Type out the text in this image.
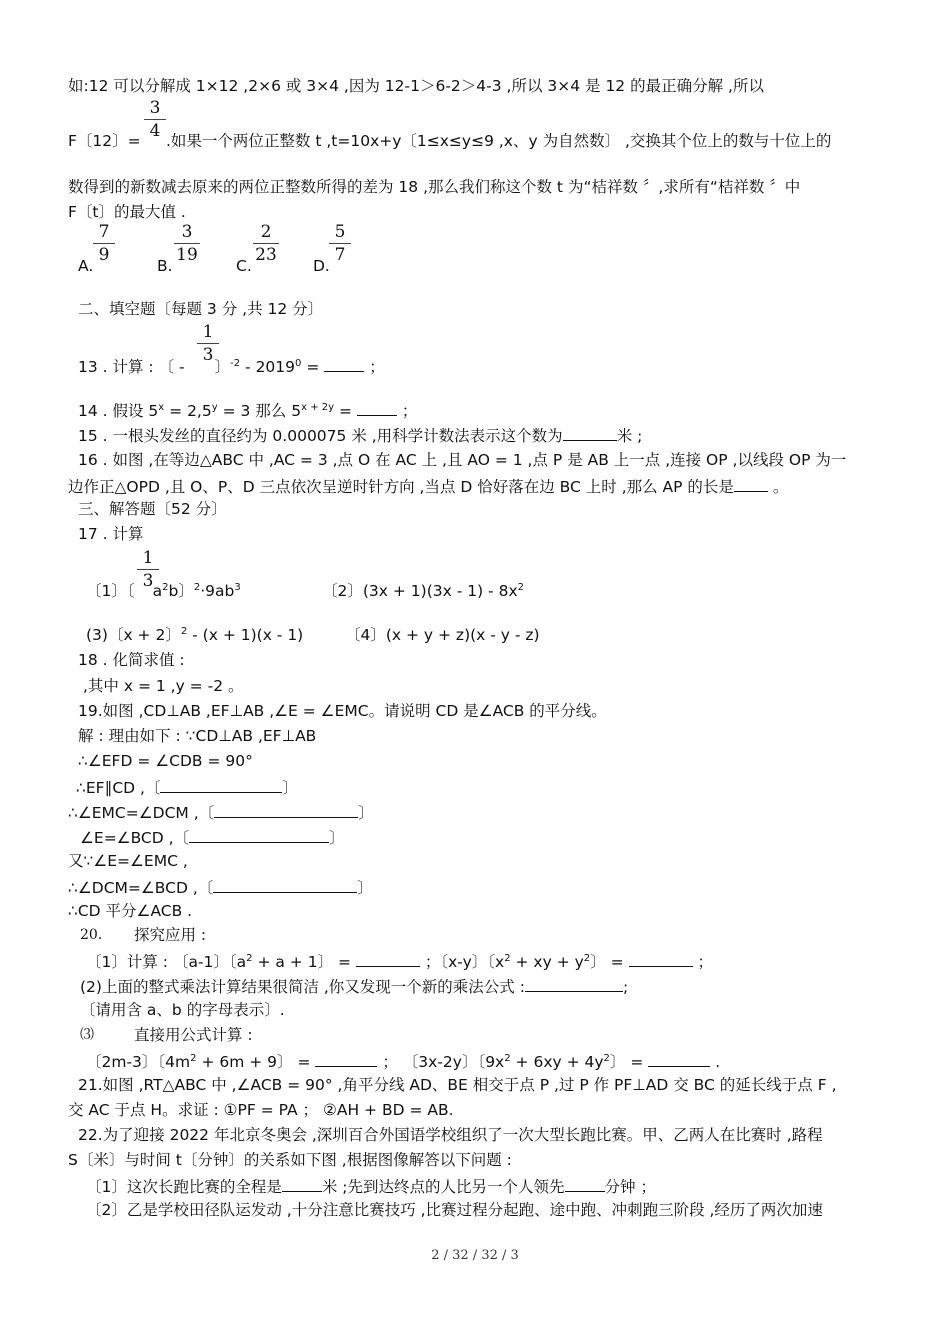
如:12 可以分解成 1×12 ,2×6 或 3×4 ,因为 12-1＞6-2＞4-3 ,所以 3×4 是 12 的最正确分解 ,所以
3
4
F〔12〕= .如果一个两位正整数 t ,t=10x+y〔1≤x≤y≤9 ,x、y 为自然数〕 ,交换其个位上的数与十位上的
数得到的新数减去原来的两位正整数所得的差为 18 ,那么我们称这个数 t 为“桔祥数 〞,求所有“桔祥数 〞中
F〔t〕的最大值 .
A.
7
9
B.
3
19
C.
2
23
D.
5
7
二、填空题〔每题 3 分 ,共 12 分〕
1
3
13 . 计算 : 〔 - 〕$^{-2} - 2019^0$ =	；
14 . 假设 $5^x = 2,5^y = 3$ 那么 $5^{x + 2y}$ =	；
15 . 一根头发丝的直径约为 0.000075 米 ,用科学计数法表示这个数为	米 ;
16 . 如图 ,在等边△ABC 中 ,AC = 3 ,点 O 在 AC 上 ,且 AO = 1 ,点 P 是 AB 上一点 ,连接 OP ,以线段 OP 为一
边作正△OPD ,且 O、P、D 三点依次呈逆时针方向 ,当点 D 恰好落在边 BC 上时 ,那么 AP 的长是	。
三、解答题〔52 分〕
17 . 计算
1
3
〔1〕〔 $a^2b$〕$^2\cdot 9ab^3$	〔2〕$(3x + 1)(3x - 1) - 8x^2$
(3)〔x + 2〕$^2$ - (x + 1)(x - 1)	〔4〕(x + y + z)(x - y - z)
18 . 化简求值 :
,其中 x = 1 ,y = -2 。
19.如图 ,CD⊥AB ,EF⊥AB ,∠E = ∠EMC。请说明 CD 是∠ACB 的平分线。
解 : 理由如下 : ∵CD⊥AB ,EF⊥AB
∴∠EFD = ∠CDB = 90°
∴EF∥CD ,〔	〕
∴∠EMC=∠DCM ,〔	〕
∠E=∠BCD ,〔	〕
又∵∠E=∠EMC ,
∴∠DCM=∠BCD ,〔	〕
∴CD 平分∠ACB .
20. 探究应用 :
〔1〕计算 : 〔a-1〕〔$a^2 + a + 1$〕 =	；〔x-y〕〔$x^2$ + xy + $y^2$〕 =	；
(2)上面的整式乘法计算结果很简洁 ,你又发现一个新的乘法公式 :	;
〔请用含 a、b 的字母表示〕.
⑶	直接用公式计算 :
〔2m-3〕〔$4m^2 + 6m + 9$〕 =	； 〔3x-2y〕〔$9x^2 + 6xy + 4y^2$〕 =	.
21.如图 ,RT△ABC 中 ,∠ACB = 90° ,角平分线 AD、BE 相交于点 P ,过 P 作 PF⊥AD 交 BC 的延长线于点 F ,
交 AC 于点 H。求证 : ①PF = PA ； ②AH + BD = AB.
22.为了迎接 2022 年北京冬奥会 ,深圳百合外国语学校组织了一次大型长跑比赛。甲、乙两人在比赛时 ,路程
S〔米〕与时间 t〔分钟〕的关系如下图 ,根据图像解答以下问题 :
〔1〕这次长跑比赛的全程是	米 ;先到达终点的人比另一个人领先	分钟 ；
〔2〕乙是学校田径队运发动 ,十分注意比赛技巧 ,比赛过程分起跑、途中跑、冲刺跑三阶段 ,经历了两次加速
2 / 32 / 32 / 3
